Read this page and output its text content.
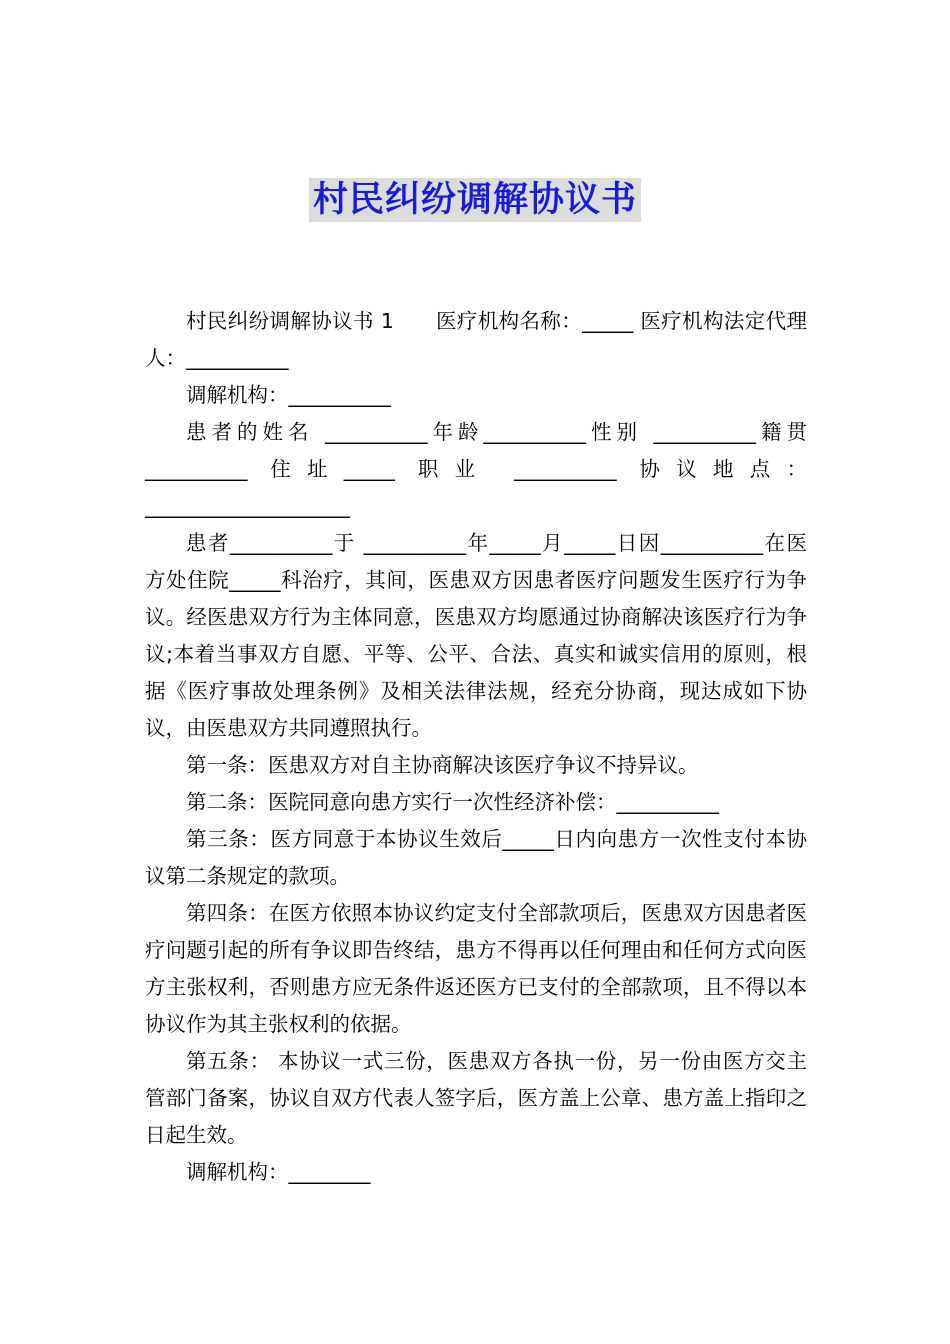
村民纠纷调解协议书

村民纠纷调解协议书 1　　医疗机构名称：_____ 医疗机构法定代理人：__________

调解机构：__________

患者的姓名 __________年龄__________性别 __________籍贯__________ 住址_____ 职业 __________ 协议地点：____________________

患者__________于 __________年_____月_____日因__________在医方处住院_____科治疗，其间，医患双方因患者医疗问题发生医疗行为争议。经医患双方行为主体同意，医患双方均愿通过协商解决该医疗行为争议;本着当事双方自愿、平等、公平、合法、真实和诚实信用的原则，根据《医疗事故处理条例》及相关法律法规，经充分协商，现达成如下协议，由医患双方共同遵照执行。

第一条：医患双方对自主协商解决该医疗争议不持异议。

第二条：医院同意向患方实行一次性经济补偿：__________

第三条：医方同意于本协议生效后_____日内向患方一次性支付本协议第二条规定的款项。

第四条：在医方依照本协议约定支付全部款项后，医患双方因患者医疗问题引起的所有争议即告终结，患方不得再以任何理由和任何方式向医方主张权利，否则患方应无条件返还医方已支付的全部款项，且不得以本协议作为其主张权利的依据。

第五条： 本协议一式三份，医患双方各执一份，另一份由医方交主管部门备案，协议自双方代表人签字后，医方盖上公章、患方盖上指印之日起生效。

调解机构：________
